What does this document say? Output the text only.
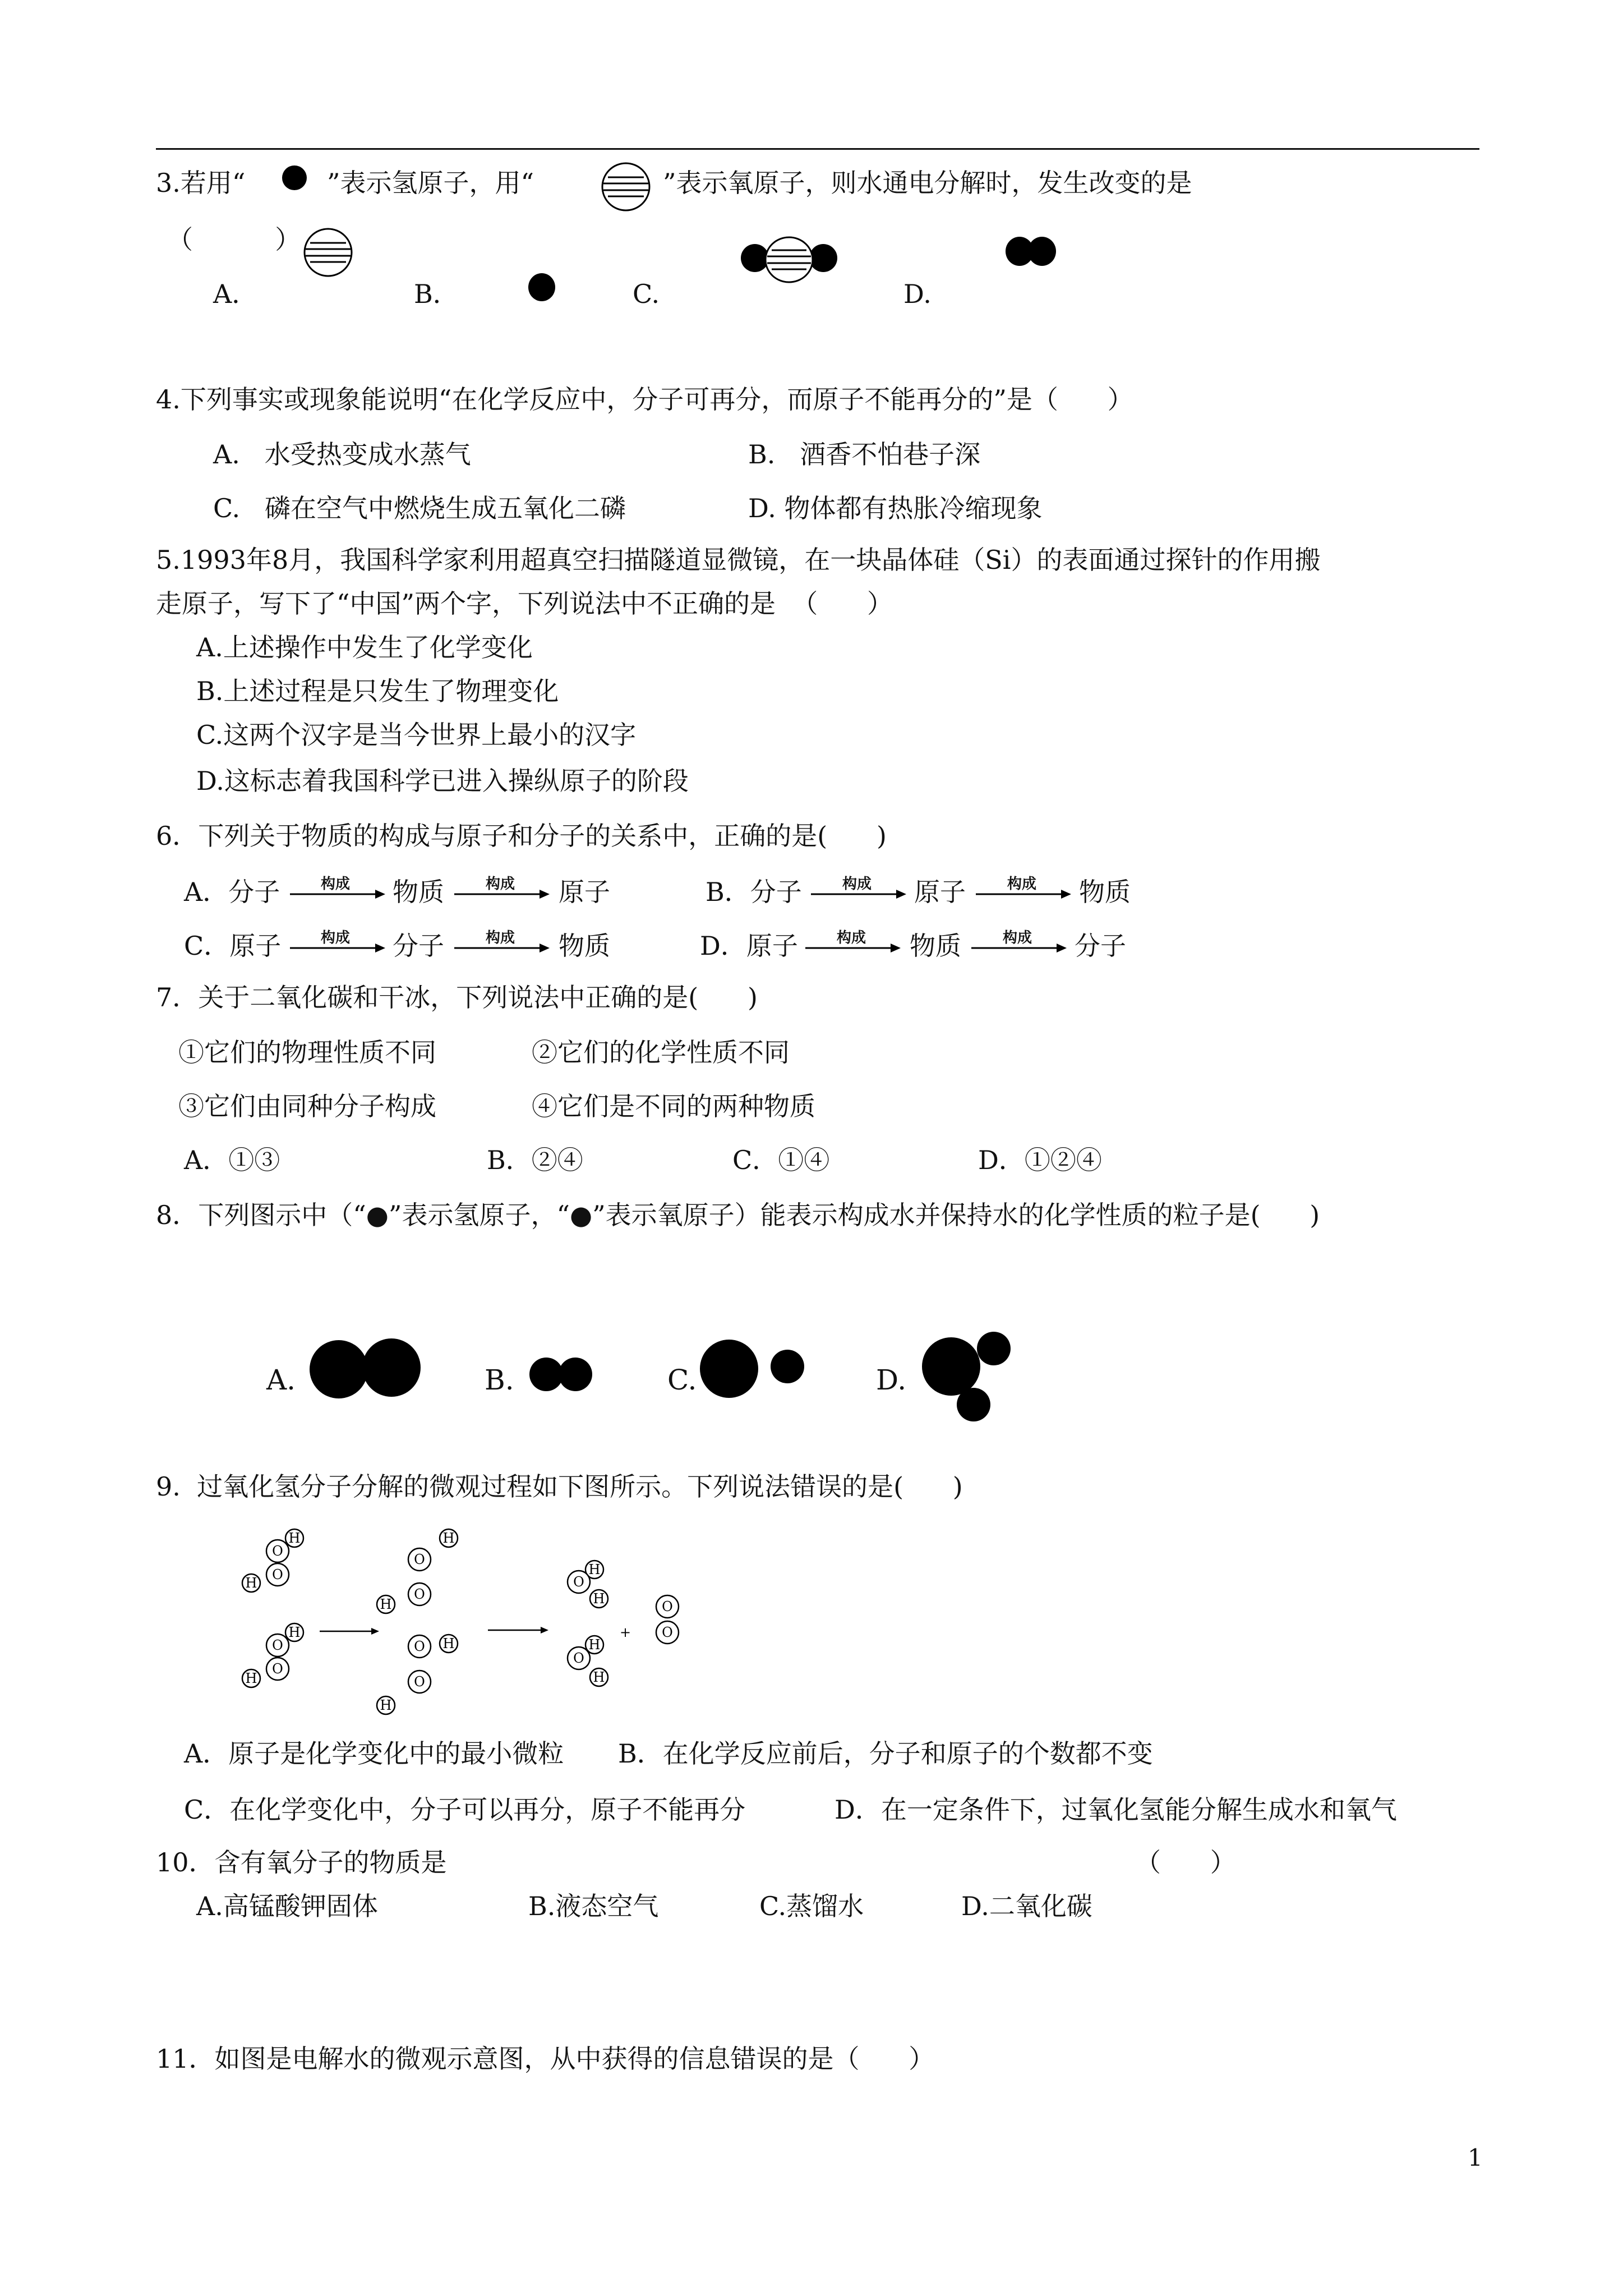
3.若用“	”表示氢原子，用“	”表示氧原子，则水通电分解时，发生改变的是
（          ）
A．	B．	C.	D.
4.下列事实或现象能说明“在化学反应中，分子可再分，而原子不能再分的”是（      ）
A.   水受热变成水蒸气	B.   酒香不怕巷子深
C.   磷在空气中燃烧生成五氧化二磷	D. 物体都有热胀冷缩现象
5.1993年8月，我国科学家利用超真空扫描隧道显微镜，在一块晶体硅（Si）的表面通过探针的作用搬
走原子，写下了“中国”两个字，下列说法中不正确的是  （      ）
A.上述操作中发生了化学变化
B.上述过程是只发生了物理变化
C.这两个汉字是当今世界上最小的汉字
D.这标志着我国科学已进入操纵原子的阶段
6．下列关于物质的构成与原子和分子的关系中，正确的是(      )
A．分子	构成 物质	构成 原子	B．分子	构成 原子	构成 物质
C．原子	构成 分子	构成 物质	D．原子	构成 物质	构成 分子
7．关于二氧化碳和干冰，下列说法中正确的是(      )
①它们的物理性质不同	②它们的化学性质不同
③它们由同种分子构成	④它们是不同的两种物质
A．①③	B．②④	C．①④	D．①②④
8．下列图示中（“●”表示氢原子，“●”表示氧原子）能表示构成水并保持水的化学性质的粒子是(      )
A.	B.	C.	D.
9.  过氧化氢分子分解的微观过程如下图所示。下列说法错误的是(      )
H
O
O
H
H
O
O
H
H
O
O
H
H
O
O
H
H
O
H
H
O
H
+
O
O
A．原子是化学变化中的最小微粒 B．在化学反应前后，分子和原子的个数都不变
C．在化学变化中，分子可以再分，原子不能再分	D．在一定条件下，过氧化氢能分解生成水和氧气
10．含有氧分子的物质是	（      ）
A.高锰酸钾固体	B.液态空气	C.蒸馏水	D.二氧化碳
11．如图是电解水的微观示意图，从中获得的信息错误的是（      ）
1
